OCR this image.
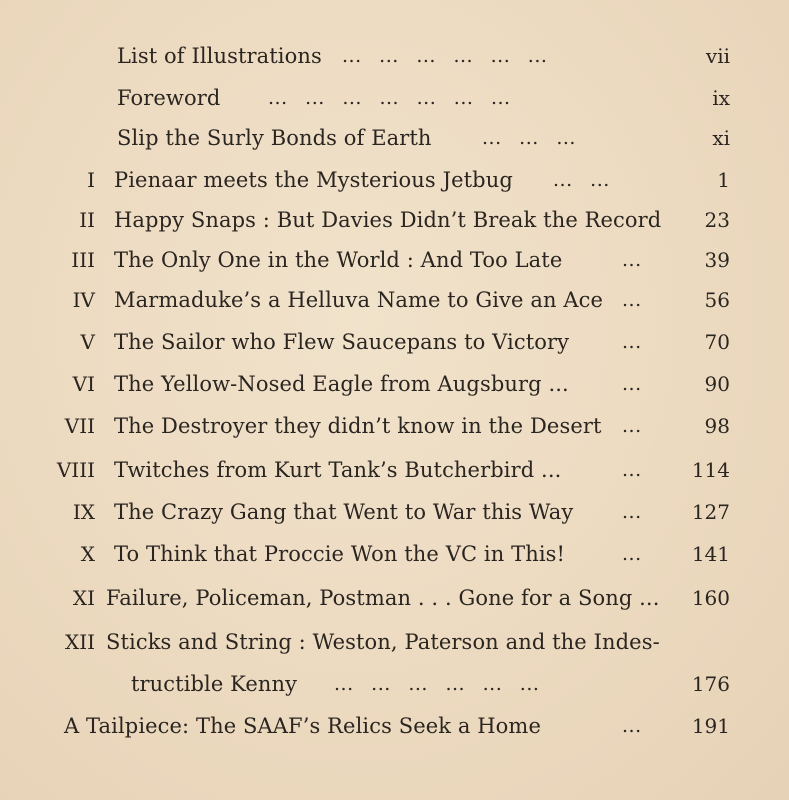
List of Illustrations ... ... ... ... ... ...	vii
Foreword	... ... ... ... ... ... ...	ix
Slip the Surly Bonds of Earth	... ... ...	xi
I Pienaar meets the Mysterious Jetbug ... ...	1
II Happy Snaps : But Davies Didn’t Break the Record 23
III The Only One in the World : And Too Late	...	39
IV Marmaduke’s a Helluva Name to Give an Ace ...	56
V The Sailor who Flew Saucepans to Victory	...	70
VI The Yellow-Nosed Eagle from Augsburg ...	...	90
VII The Destroyer they didn’t know in the Desert ...	98
VIII Twitches from Kurt Tank’s Butcherbird ...	...	114
IX The Crazy Gang that Went to War this Way	...	127
X To Think that Proccie Won the VC in This!	...	141
XI Failure, Policeman, Postman . . . Gone for a Song ... 160
XII Sticks and String : Weston, Paterson and the Indes-
tructible Kenny ... ... ... ... ... ...	176
A Tailpiece: The SAAF’s Relics Seek a Home	...	191
